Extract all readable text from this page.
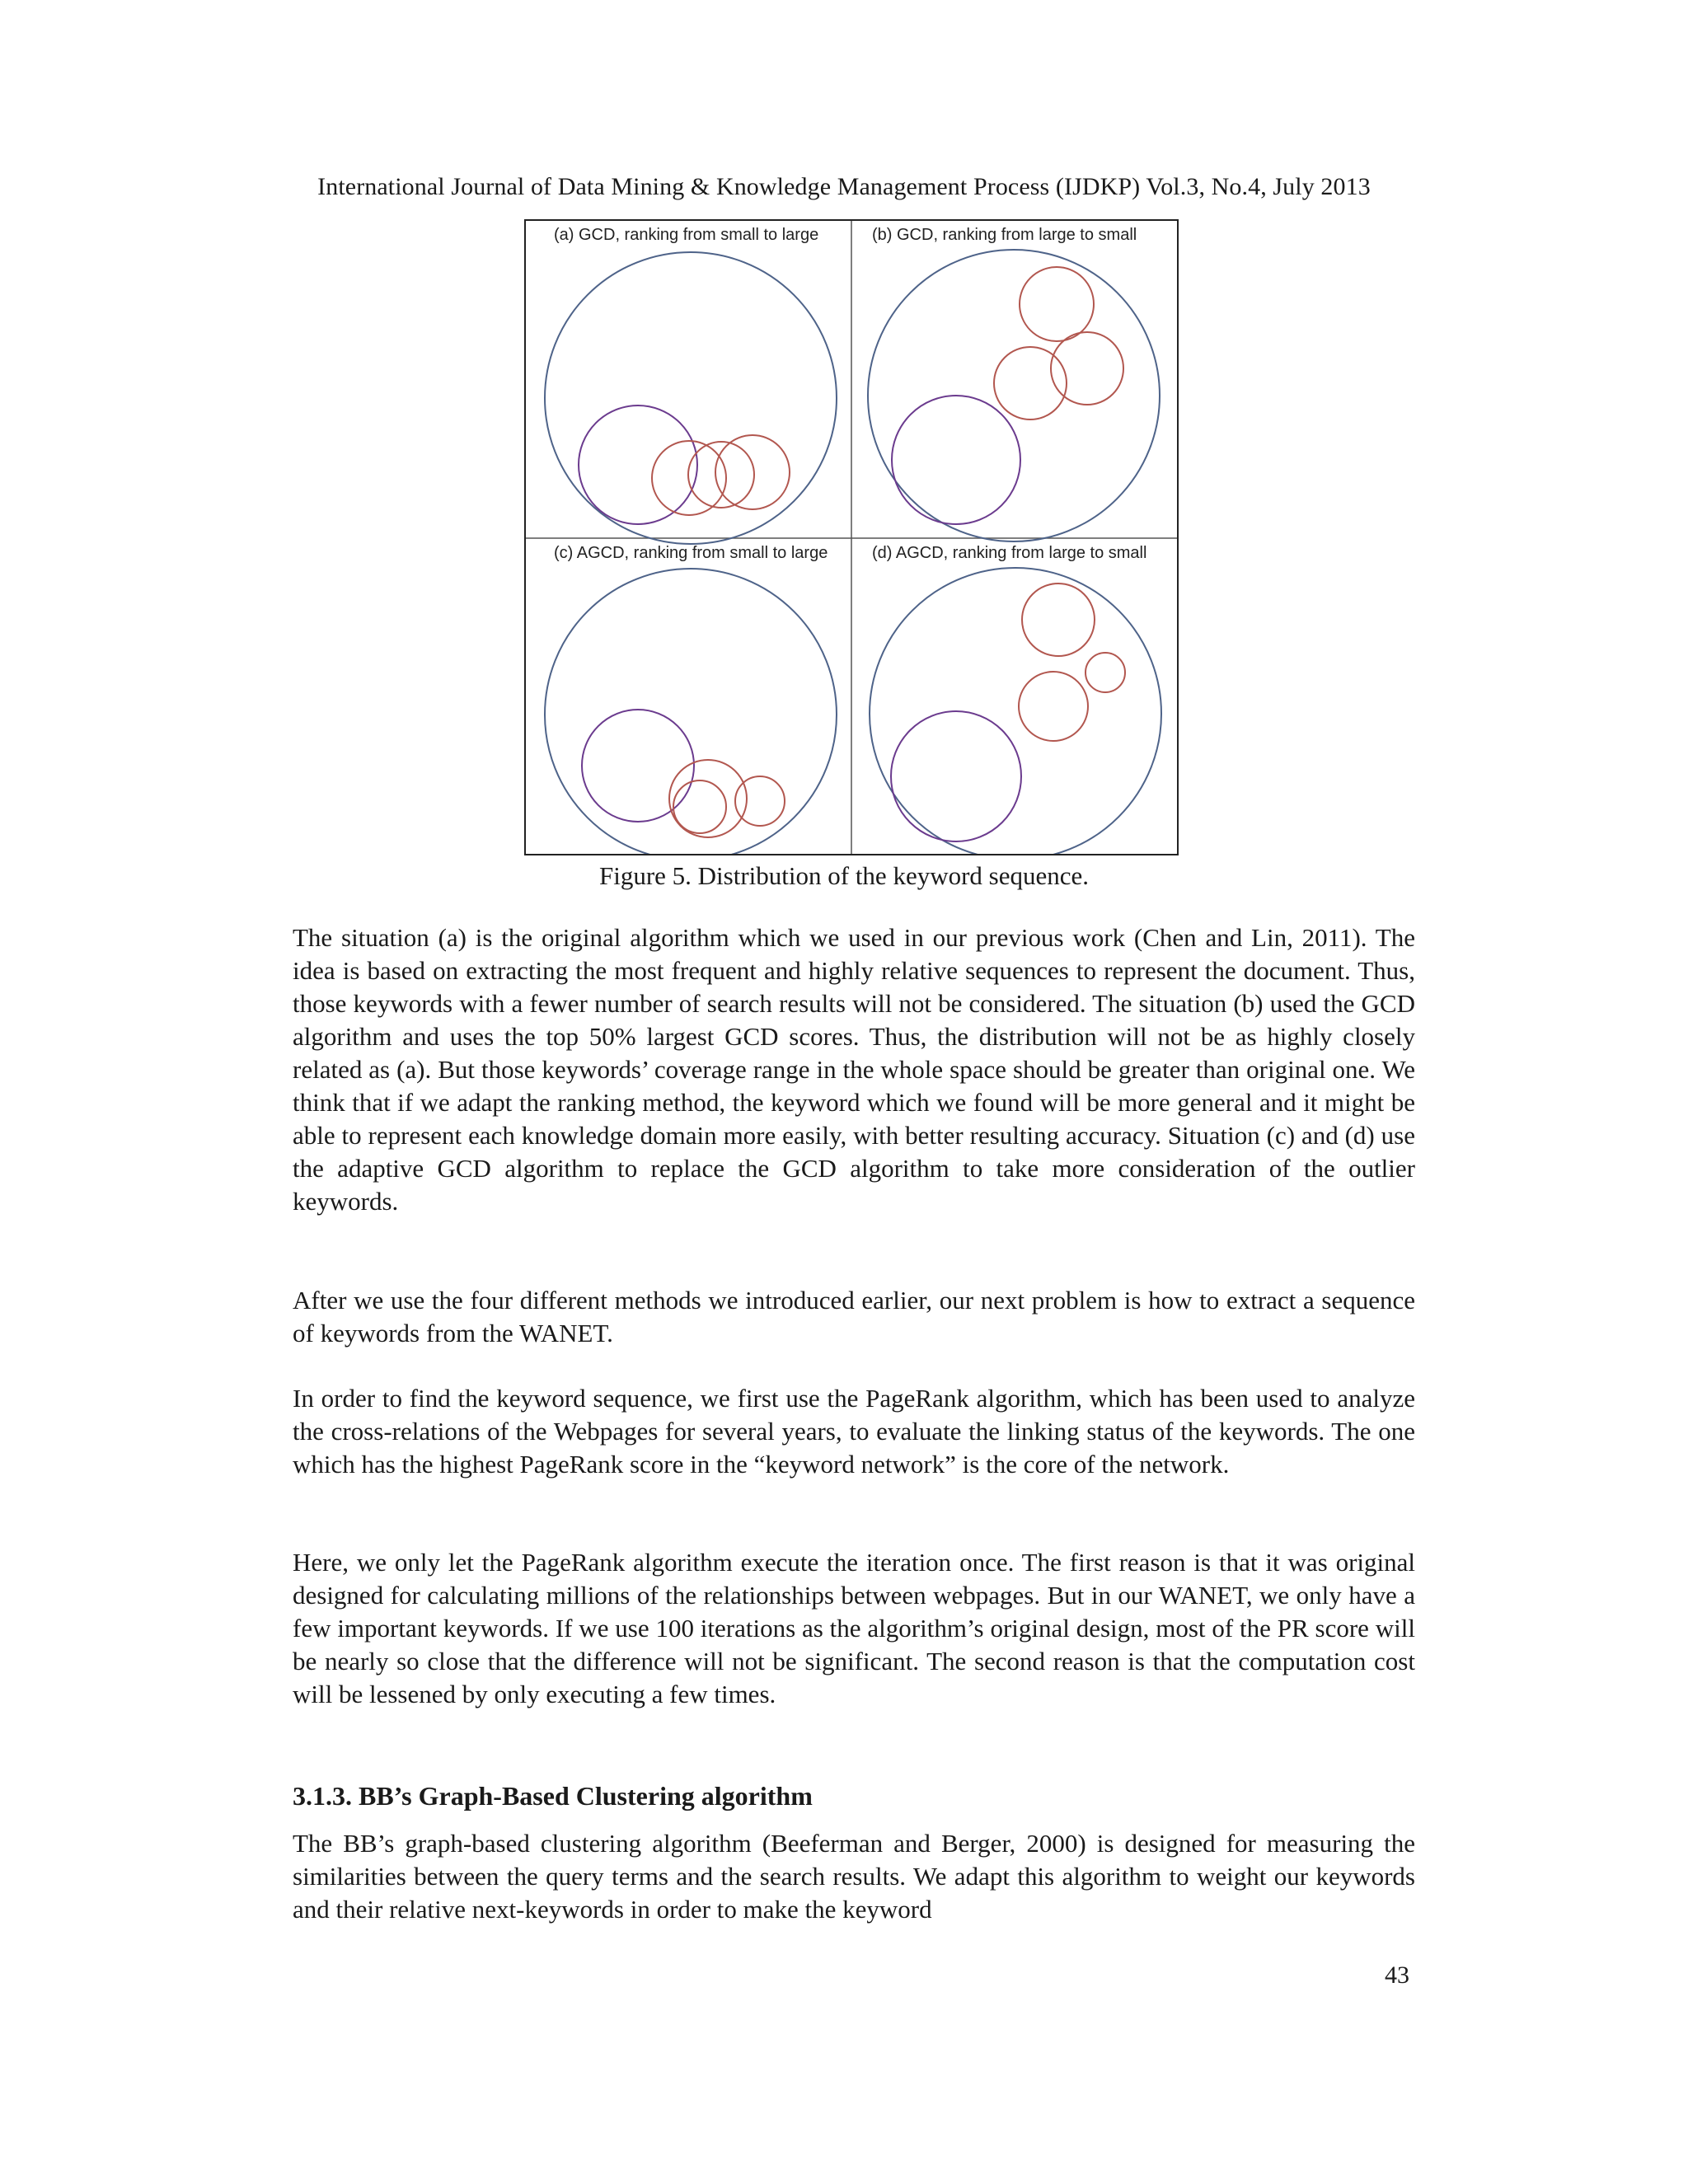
International Journal of Data Mining & Knowledge Management Process (IJDKP) Vol.3, No.4, July 2013
(a) GCD, ranking from small to large	(b) GCD, ranking from large to small
(c) AGCD, ranking from small to large	(d) AGCD, ranking from large to small
Figure 5. Distribution of the keyword sequence.

The situation (a) is the original algorithm which we used in our previous work (Chen and Lin, 2011). The idea is based on extracting the most frequent and highly relative sequences to represent the document. Thus, those keywords with a fewer number of search results will not be considered. The situation (b) used the GCD algorithm and uses the top 50% largest GCD scores. Thus, the distribution will not be as highly closely related as (a). But those keywords’ coverage range in the whole space should be greater than original one. We think that if we adapt the ranking method, the keyword which we found will be more general and it might be able to represent each knowledge domain more easily, with better resulting accuracy. Situation (c) and (d) use the adaptive GCD algorithm to replace the GCD algorithm to take more consideration of the outlier keywords.

After we use the four different methods we introduced earlier, our next problem is how to extract a sequence of keywords from the WANET.

In order to find the keyword sequence, we first use the PageRank algorithm, which has been used to analyze the cross-relations of the Webpages for several years, to evaluate the linking status of the keywords. The one which has the highest PageRank score in the “keyword network” is the core of the network.

Here, we only let the PageRank algorithm execute the iteration once. The first reason is that it was original designed for calculating millions of the relationships between webpages. But in our WANET, we only have a few important keywords. If we use 100 iterations as the algorithm’s original design, most of the PR score will be nearly so close that the difference will not be significant. The second reason is that the computation cost will be lessened by only executing a few times.

3.1.3. BB’s Graph-Based Clustering algorithm

The BB’s graph-based clustering algorithm (Beeferman and Berger, 2000) is designed for measuring the similarities between the query terms and the search results. We adapt this algorithm to weight our keywords and their relative next-keywords in order to make the keyword

43
